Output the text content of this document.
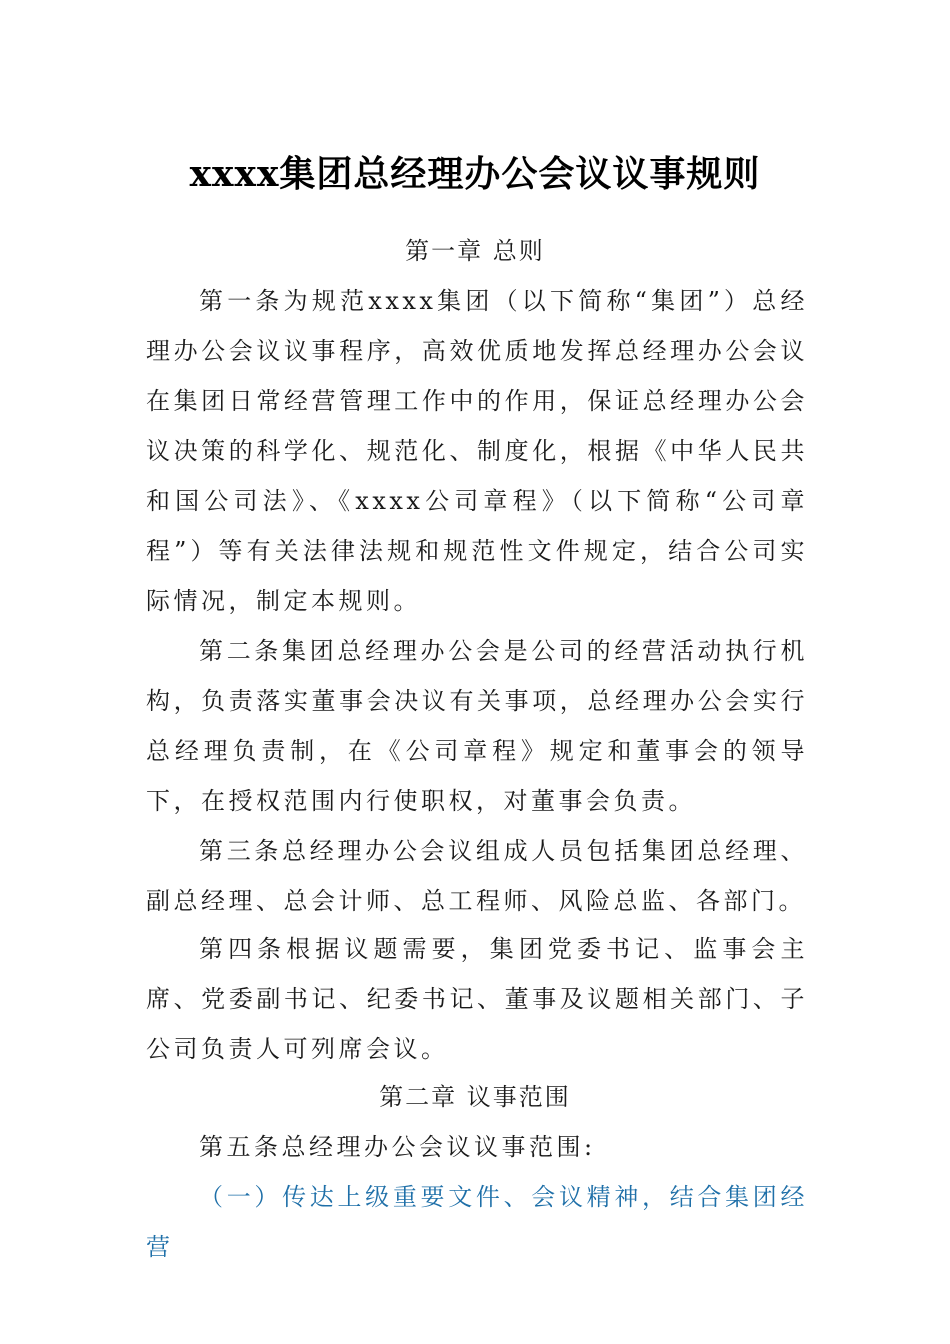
xxxx集团总经理办公会议议事规则

第一章 总则

第一条为规范xxxx集团（以下简称“集团”）总经理办公会议议事程序，高效优质地发挥总经理办公会议在集团日常经营管理工作中的作用，保证总经理办公会议决策的科学化、规范化、制度化，根据《中华人民共和国公司法》、《xxxx公司章程》（以下简称“公司章程”）等有关法律法规和规范性文件规定，结合公司实际情况，制定本规则。

第二条集团总经理办公会是公司的经营活动执行机构，负责落实董事会决议有关事项，总经理办公会实行总经理负责制，在《公司章程》规定和董事会的领导下，在授权范围内行使职权，对董事会负责。

第三条总经理办公会议组成人员包括集团总经理、副总经理、总会计师、总工程师、风险总监、各部门。

第四条根据议题需要，集团党委书记、监事会主席、党委副书记、纪委书记、董事及议题相关部门、子公司负责人可列席会议。

第二章 议事范围

第五条总经理办公会议议事范围:

（一）传达上级重要文件、会议精神，结合集团经营
